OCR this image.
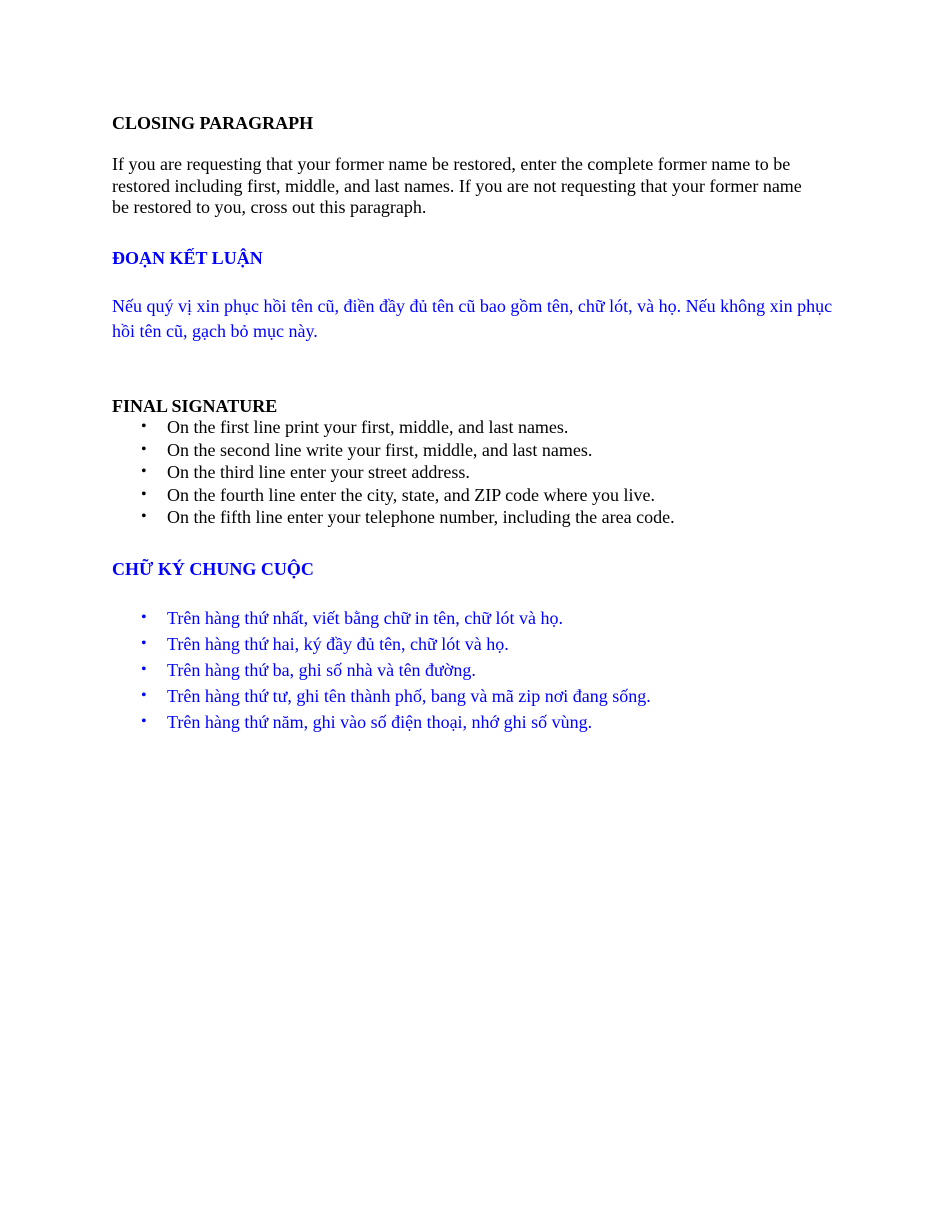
CLOSING PARAGRAPH

If you are requesting that your former name be restored, enter the complete former name to be
restored including first, middle, and last names. If you are not requesting that your former name
be restored to you, cross out this paragraph.

ĐOẠN KẾT LUẬN

Nếu quý vị xin phục hồi tên cũ, điền đầy đủ tên cũ bao gồm tên, chữ lót, và họ. Nếu không xin phục
hồi tên cũ, gạch bỏ mục này.

FINAL SIGNATURE
• On the first line print your first, middle, and last names.
• On the second line write your first, middle, and last names.
• On the third line enter your street address.
• On the fourth line enter the city, state, and ZIP code where you live.
• On the fifth line enter your telephone number, including the area code.
CHỮ KÝ CHUNG CUỘC
• Trên hàng thứ nhất, viết bằng chữ in tên, chữ lót và họ.
• Trên hàng thứ hai, ký đầy đủ tên, chữ lót và họ.
• Trên hàng thứ ba, ghi số nhà và tên đường.
• Trên hàng thứ tư, ghi tên thành phố, bang và mã zip nơi đang sống.
• Trên hàng thứ năm, ghi vào số điện thoại, nhớ ghi số vùng.
